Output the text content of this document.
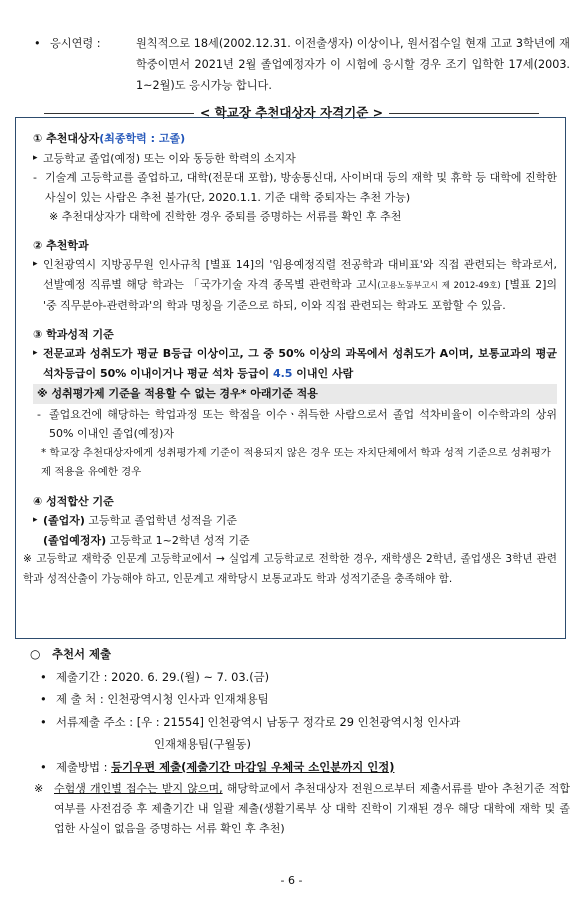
• 응시연령 :	원칙적으로 18세(2002.12.31. 이전출생자) 이상이나, 원서접수일 현재 고교 3학년에 재학중이면서 2021년 2월 졸업예정자가 이 시험에 응시할 경우 조기 입학한 17세(2003. 1~2월)도 응시가능 합니다.
< 학교장 추천대상자 자격기준 >
① 추천대상자(최종학력 : 고졸)
▸ 고등학교 졸업(예정) 또는 이와 동등한 학력의 소지자
- 기술계 고등학교를 졸업하고, 대학(전문대 포함), 방송통신대, 사이버대 등의 재학 및 휴학 등 대학에 진학한 사실이 있는 사람은 추천 불가(단, 2020.1.1. 기준 대학 중퇴자는 추천 가능)
※ 추천대상자가 대학에 진학한 경우 중퇴를 증명하는 서류를 확인 후 추천
② 추천학과
▸ 인천광역시 지방공무원 인사규칙 [별표 14]의 '임용예정직렬 전공학과 대비표'와 직접 관련되는 학과로서, 선발예정 직류별 해당 학과는 「국가기술 자격 종목별 관련학과 고시(고용노동부고시 제 2012-49호) [별표 2]의 '중 직무분야-관련학과'의 학과 명칭을 기준으로 하되, 이와 직접 관련되는 학과도 포함할 수 있음.
③ 학과성적 기준
▸ 전문교과 성취도가 평균 B등급 이상이고, 그 중 50% 이상의 과목에서 성취도가 A이며, 보통교과의 평균 석차등급이 50% 이내이거나 평균 석차 등급이 4.5 이내인 사람
※ 성취평가제 기준을 적용할 수 없는 경우* 아래기준 적용
- 졸업요건에 해당하는 학업과정 또는 학점을 이수ㆍ취득한 사람으로서 졸업 석차비율이 이수학과의 상위 50% 이내인 졸업(예정)자
* 학교장 추천대상자에게 성취평가제 기준이 적용되지 않은 경우 또는 자치단체에서 학과 성적 기준으로 성취평가제 적용을 유예한 경우
④ 성적합산 기준
▸ (졸업자) 고등학교 졸업학년 성적을 기준
(졸업예정자) 고등학교 1~2학년 성적 기준
※ 고등학교 재학중 인문계 고등학교에서 → 실업계 고등학교로 전학한 경우, 재학생은 2학년, 졸업생은 3학년 관련학과 성적산출이 가능해야 하고, 인문계고 재학당시 보통교과도 학과 성적기준을 충족해야 함.
○	추천서 제출
• 제출기간 : 2020. 6. 29.(월) ~ 7. 03.(금)
• 제 출 처 : 인천광역시청 인사과 인재채용팀
• 서류제출 주소 : [우 : 21554] 인천광역시 남동구 정각로 29 인천광역시청 인사과
인재채용팀(구월동)
• 제출방법 : 등기우편 제출(제출기간 마감일 우체국 소인분까지 인정)
※ 수험생 개인별 접수는 받지 않으며, 해당학교에서 추천대상자 전원으로부터 제출서류를 받아 추천기준 적합여부를 사전검증 후 제출기간 내 일괄 제출(생활기록부 상 대학 진학이 기재된 경우 해당 대학에 재학 및 졸업한 사실이 없음을 증명하는 서류 확인 후 추천)
- 6 -
